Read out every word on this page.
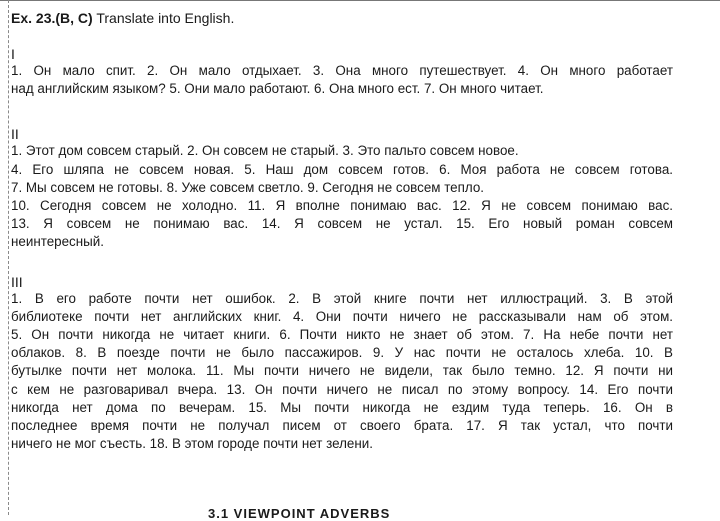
Ex. 23.(B, C) Translate into English.

I

1. Он мало спит. 2. Он мало отдыхает. 3. Она много путешествует. 4. Он много работает
над английским языком? 5. Они мало работают. 6. Она много ест. 7. Он много читает.

II

1. Этот дом совсем старый. 2. Он совсем не старый. 3. Это пальто совсем новое.
4. Его шляпа не совсем новая. 5. Наш дом совсем готов. 6. Моя работа не совсем готова.
7. Мы совсем не готовы. 8. Уже совсем светло. 9. Сегодня не совсем тепло.
10. Сегодня совсем не холодно. 11. Я вполне понимаю вас. 12. Я не совсем понимаю вас.
13. Я совсем не понимаю вас. 14. Я совсем не устал. 15. Его новый роман совсем
неинтересный.

III

1. В его работе почти нет ошибок. 2. В этой книге почти нет иллюстраций. 3. В этой
библиотеке почти нет английских книг. 4. Они почти ничего не рассказывали нам об этом.
5. Он почти никогда не читает книги. 6. Почти никто не знает об этом. 7. На небе почти нет
облаков. 8. В поезде почти не было пассажиров. 9. У нас почти не осталось хлеба. 10. В
бутылке почти нет молока. 11. Мы почти ничего не видели, так было темно. 12. Я почти ни
с кем не разговаривал вчера. 13. Он почти ничего не писал по этому вопросу. 14. Его почти
никогда нет дома по вечерам. 15. Мы почти никогда не ездим туда теперь. 16. Он в
последнее время почти не получал писем от своего брата. 17. Я так устал, что почти
ничего не мог съесть. 18. В этом городе почти нет зелени.

3.1 VIEWPOINT ADVERBS
